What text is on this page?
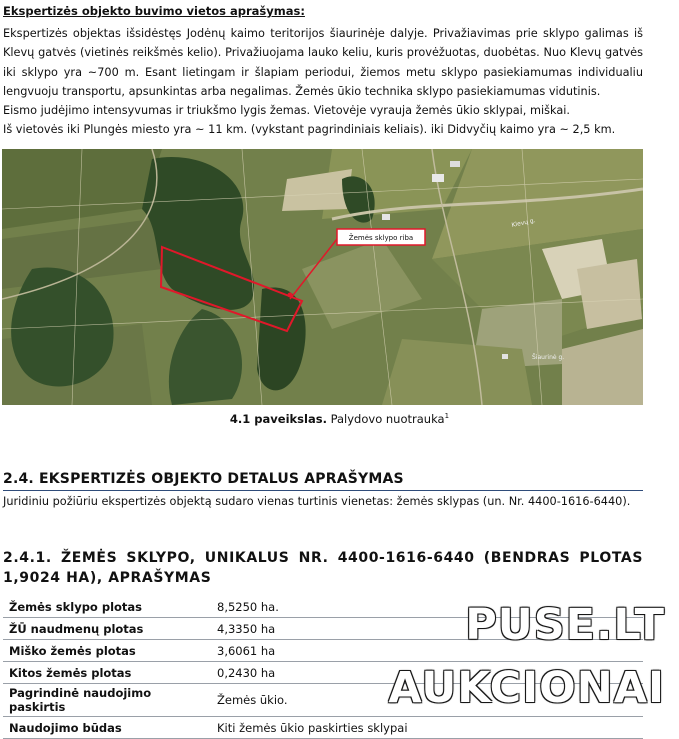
Ekspertizės objekto buvimo vietos aprašymas:

Ekspertizės objektas išsidėstęs Jodėnų kaimo teritorijos šiaurinėje dalyje. Privažiavimas prie sklypo galimas iš Klevų gatvės (vietinės reikšmės kelio). Privažiuojama lauko keliu, kuris provėžuotas, duobėtas. Nuo Klevų gatvės iki sklypo yra ~700 m. Esant lietingam ir šlapiam periodui, žiemos metu sklypo pasiekiamumas individualiu lengvuoju transportu, apsunkintas arba negalimas. Žemės ūkio technika sklypo pasiekiamumas vidutinis.

Eismo judėjimo intensyvumas ir triukšmo lygis žemas. Vietovėje vyrauja žemės ūkio sklypai, miškai.

Iš vietovės iki Plungės miesto yra ~ 11 km. (vykstant pagrindiniais keliais). iki Didvyčių kaimo yra ~ 2,5 km.

Žemės sklypo riba
Klevų g.
Šiaurinė g.
4.1 paveikslas. Palydovo nuotrauka$^1$
2.4. EKSPERTIZĖS OBJEKTO DETALUS APRAŠYMAS
Juridiniu požiūriu ekspertizės objektą sudaro vienas turtinis vienetas: žemės sklypas (un. Nr. 4400-1616-6440).
2.4.1. ŽEMĖS SKLYPO, UNIKALUS NR. 4400-1616-6440 (BENDRAS PLOTAS 1,9024 HA), APRAŠYMAS
Žemės sklypo plotas	8,5250 ha.
ŽŪ naudmenų plotas	4,3350 ha
Miško žemės plotas	3,6061 ha
Kitos žemės plotas	0,2430 ha
Pagrindinė naudojimo paskirtis	Žemės ūkio.
Naudojimo būdas	Kiti žemės ūkio paskirties sklypai
PUSE.LT
AUKCIONAI
